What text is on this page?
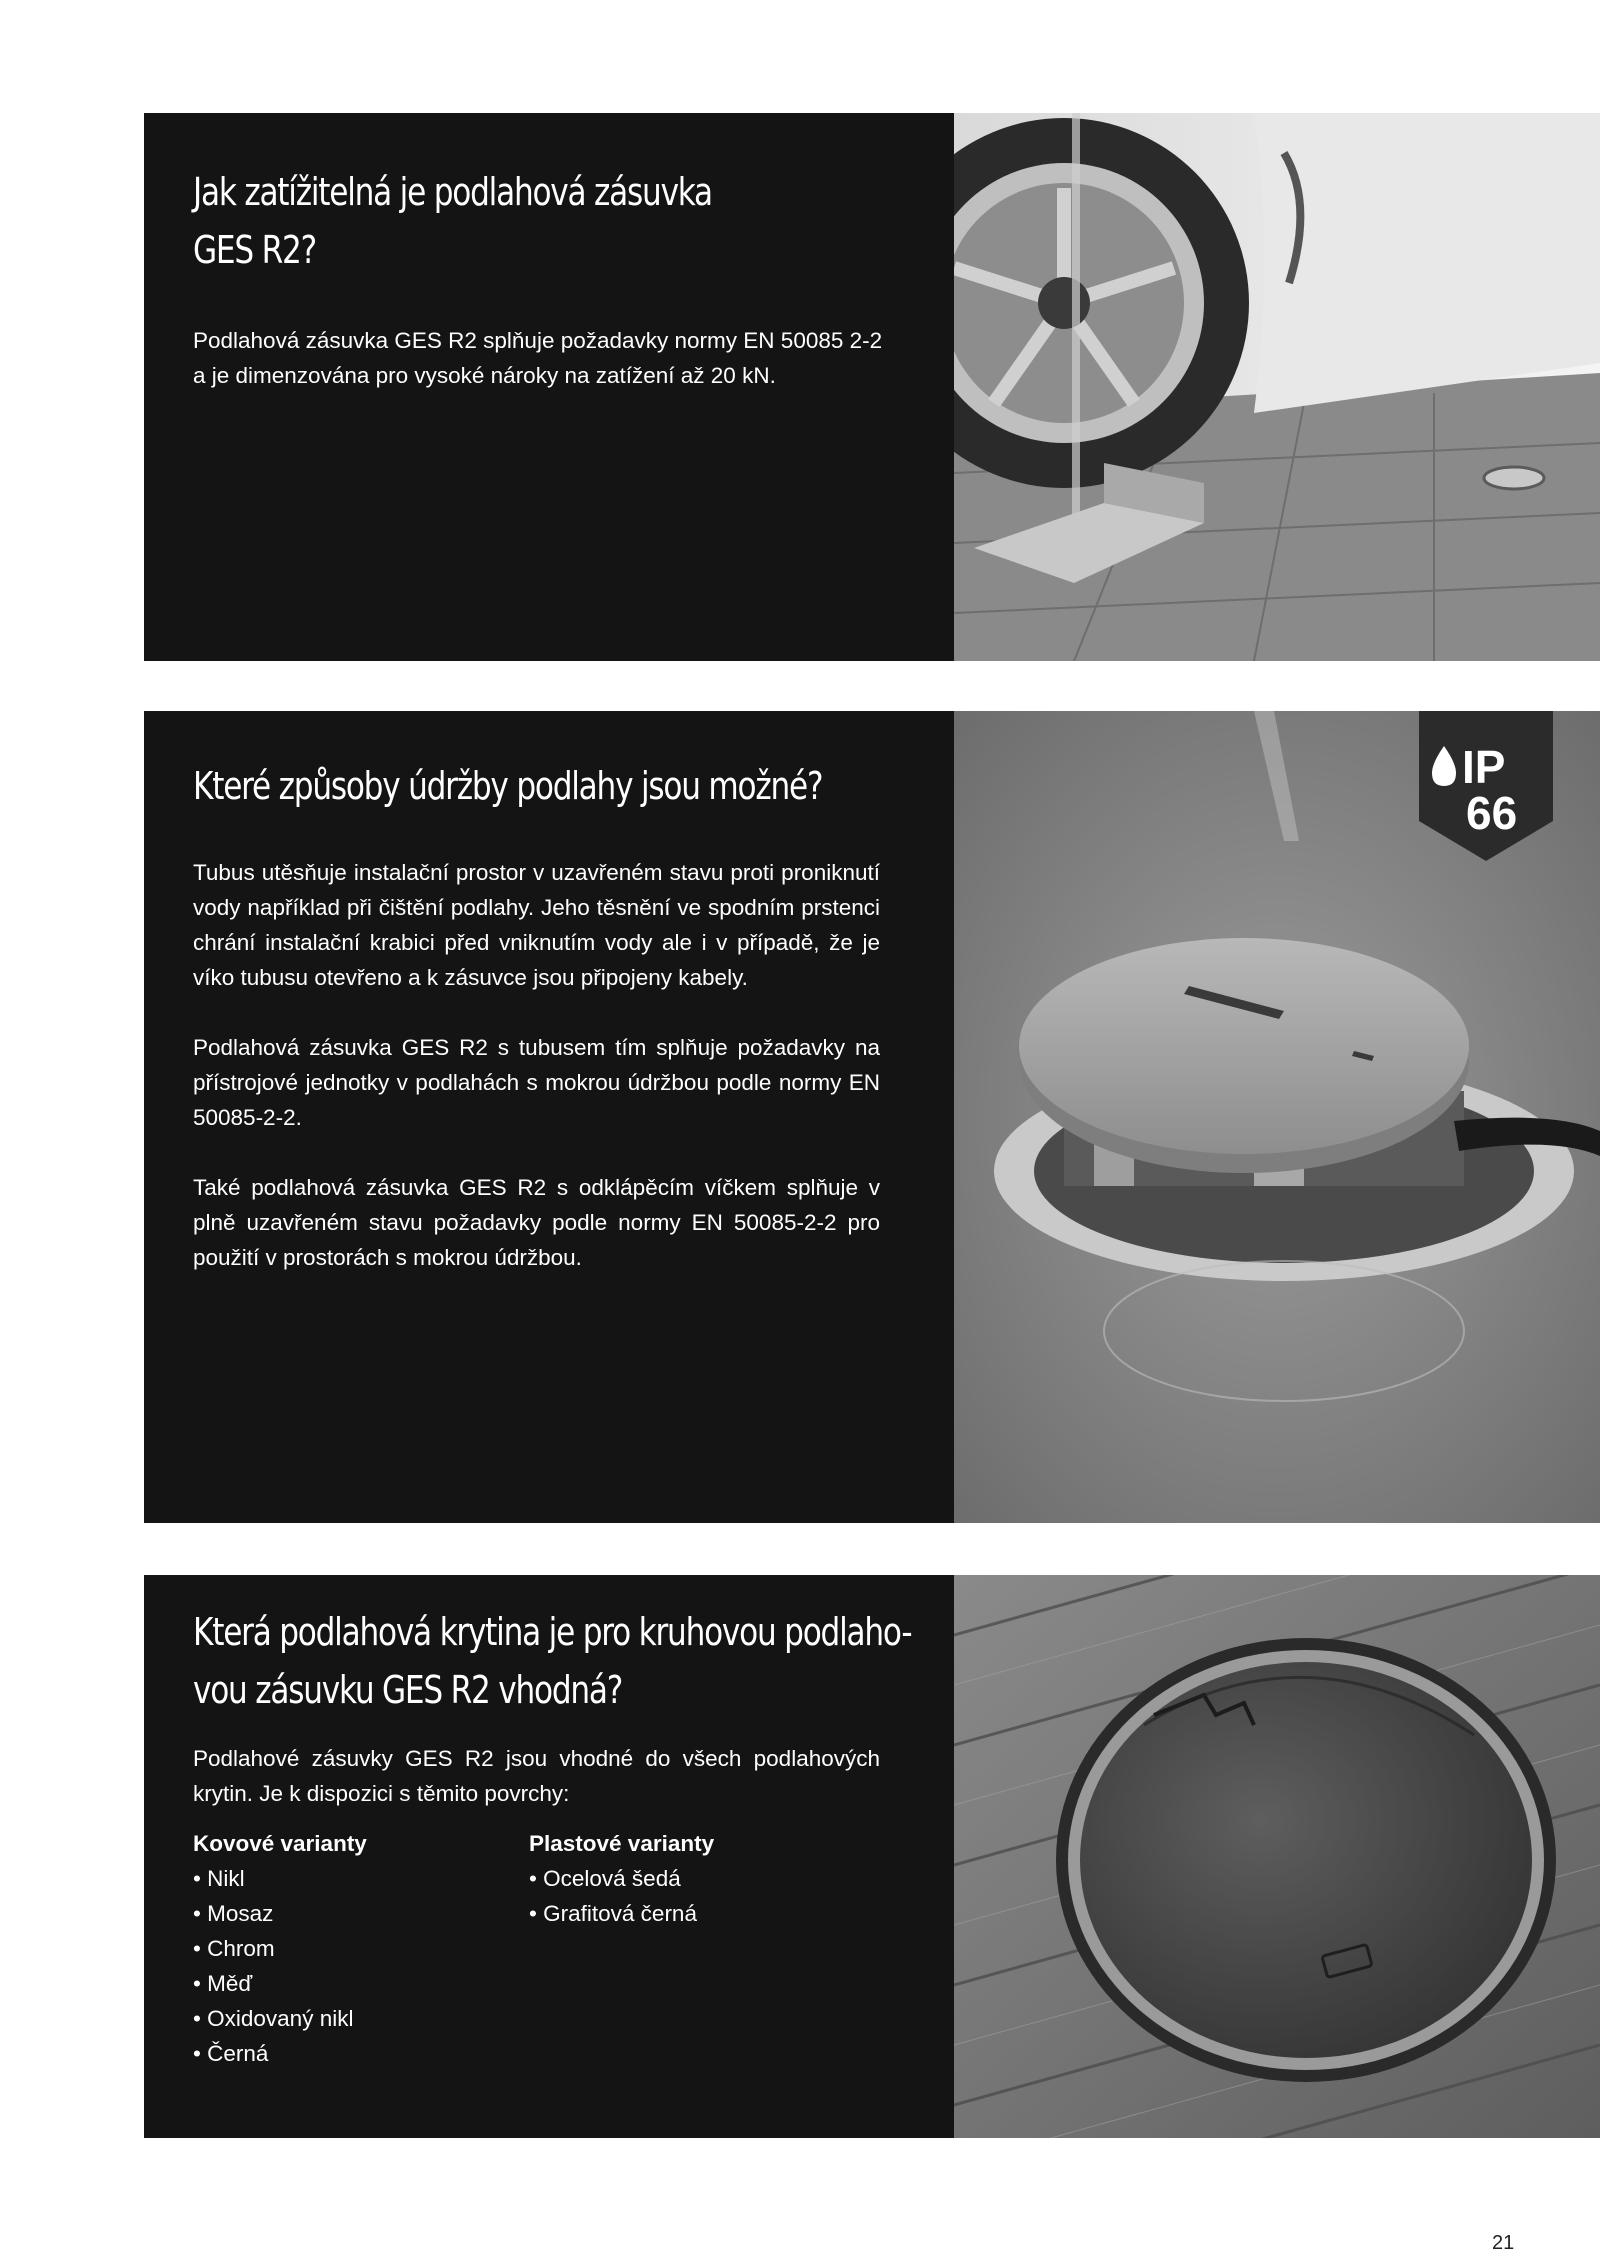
Jak zatížitelná je podlahová zásuvka
GES R2?

Podlahová zásuvka GES R2 splňuje požadavky normy EN 50085 2-2 a je dimenzována pro vysoké nároky na zatížení až 20 kN.

Které způsoby údržby podlahy jsou možné?

Tubus utěsňuje instalační prostor v uzavřeném stavu proti proniknutí vody například při čištění podlahy. Jeho těsnění ve spodním prstenci chrání instalační krabici před vniknutím vody ale i v případě, že je víko tubusu otevřeno a k zásuvce jsou připojeny kabely.

Podlahová zásuvka GES R2 s tubusem tím splňuje požadavky na přístrojové jednotky v podlahách s mokrou údržbou podle normy EN 50085-2-2.

Také podlahová zásuvka GES R2 s odklápěcím víčkem splňuje v plně uzavřeném stavu požadavky podle normy EN 50085-2-2 pro použití v prostorách s mokrou údržbou.

IP
66
Která podlahová krytina je pro kruhovou podlaho-
vou zásuvku GES R2 vhodná?

Podlahové zásuvky GES R2 jsou vhodné do všech podlahových krytin. Je k dispozici s těmito povrchy:

Kovové varianty
• Nikl
• Mosaz
• Chrom
• Měď
• Oxidovaný nikl
• Černá
Plastové varianty
• Ocelová šedá
• Grafitová černá
21
